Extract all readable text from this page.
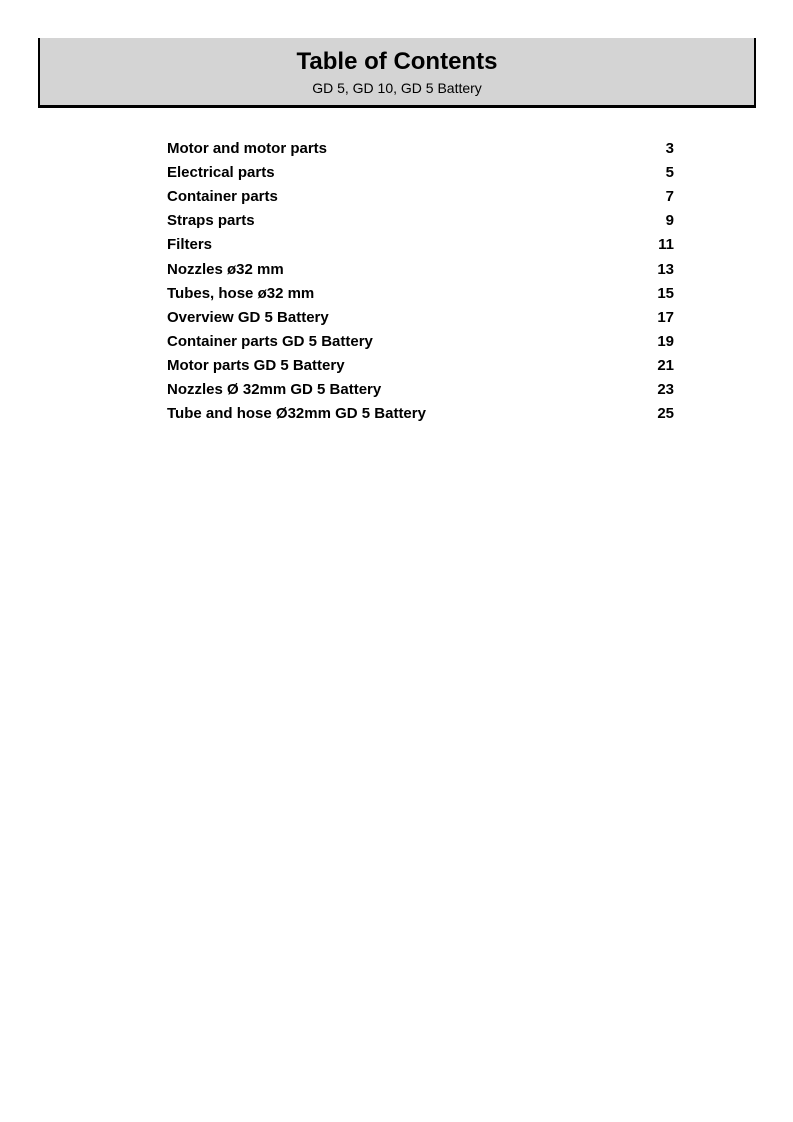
Table of Contents

GD 5, GD 10, GD 5 Battery

Motor and motor parts	3
Electrical parts	5
Container parts	7
Straps parts	9
Filters	11
Nozzles ø32 mm	13
Tubes, hose ø32 mm	15
Overview GD 5 Battery	17
Container parts GD 5 Battery	19
Motor parts GD 5 Battery	21
Nozzles Ø 32mm GD 5 Battery	23
Tube and hose Ø32mm GD 5 Battery	25
